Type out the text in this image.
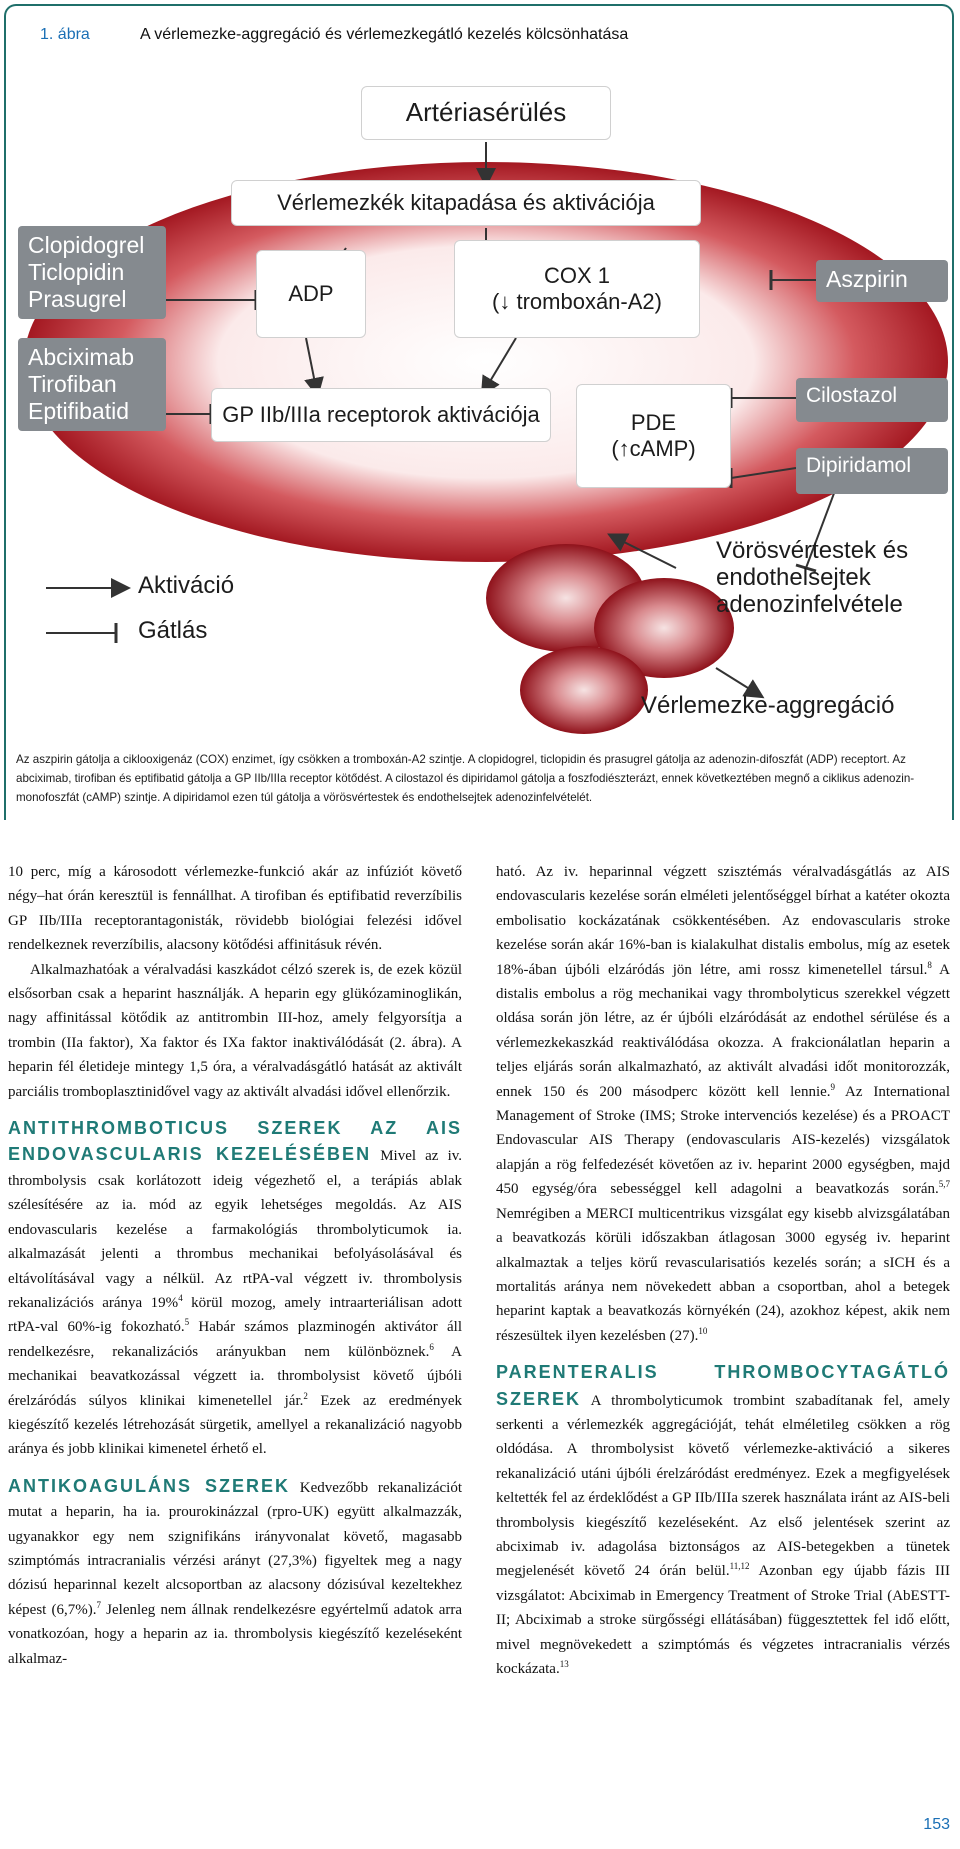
1. ábra	A vérlemezke-aggregáció és vérlemezkegátló kezelés kölcsönhatása
Artériasérülés
Vérlemezkék kitapadása és aktivációja
Clopidogrel
Ticlopidin
Prasugrel
Abciximab
Tirofiban
Eptifibatid
ADP
COX 1
(↓ tromboxán-A2)
Aszpirin
GP IIb/IIIa receptorok aktivációja	PDE
(↑cAMP)
Cilostazol
Dipiridamol
Aktiváció
Gátlás
Vörösvértestek és
endothelsejtek
adenozinfelvétele
Vérlemezke-aggregáció
Az aszpirin gátolja a ciklooxigenáz (COX) enzimet, így csökken a tromboxán-A2 szintje. A clopidogrel, ticlopidin és prasugrel gátolja az adenozin-difoszfát (ADP) receptort. Az abciximab, tirofiban és eptifibatid gátolja a GP IIb/IIIa receptor kötődést. A cilostazol és dipiridamol gátolja a foszfodiészterázt, ennek következtében megnő a ciklikus adenozin-monofoszfát (cAMP) szintje. A dipiridamol ezen túl gátolja a vörösvértestek és endothelsejtek adenozinfelvételét.

10 perc, míg a károsodott vérlemezke-funkció akár az infúziót követő négy–hat órán keresztül is fennállhat. A tirofiban és eptifibatid reverzíbilis GP IIb/IIIa receptorantagonisták, rövidebb biológiai felezési idővel rendelkeznek reverzíbilis, alacsony kötődési affinitásuk révén.

Alkalmazhatóak a véralvadási kaszkádot célzó szerek is, de ezek közül elsősorban csak a heparint használják. A heparin egy glükózaminoglikán, nagy affinitással kötődik az antitrombin III-hoz, amely felgyorsítja a trombin (IIa faktor), Xa faktor és IXa faktor inaktiválódását (2. ábra). A heparin fél életideje mintegy 1,5 óra, a véralvadásgátló hatását az aktivált parciális tromboplasztinidővel vagy az aktivált alvadási idővel ellenőrzik.

ANTITHROMBOTICUS SZEREK AZ AIS ENDOVASCULARIS KEZELÉSÉBEN Mivel az iv. thrombolysis csak korlátozott ideig végezhető el, a terápiás ablak szélesítésére az ia. mód az egyik lehetséges megoldás. Az AIS endovascularis kezelése a farmakológiás thrombolyticumok ia. alkalmazását jelenti a thrombus mechanikai befolyásolásával és eltávolításával vagy a nélkül. Az rtPA-val végzett iv. thrombolysis rekanalizációs aránya 19%$^4$ körül mozog, amely intraarteriálisan adott rtPA-val 60%-ig fokozható.$^5$ Habár számos plazminogén aktivátor áll rendelkezésre, rekanalizációs arányukban nem különböznek.$^6$ A mechanikai beavatkozással végzett ia. thrombolysist követő újbóli érelzáródás súlyos klinikai kimenetellel jár.$^2$ Ezek az eredmények kiegészítő kezelés létrehozását sürgetik, amellyel a rekanalizáció nagyobb aránya és jobb klinikai kimenetel érhető el.

ANTIKOAGULÁNS SZEREK Kedvezőbb rekanalizációt mutat a heparin, ha ia. prourokinázzal (rpro-UK) együtt alkalmazzák, ugyanakkor egy nem szignifikáns irányvonalat követő, magasabb szimptómás intracranialis vérzési arányt (27,3%) figyeltek meg a nagy dózisú heparinnal kezelt alcsoportban az alacsony dózisúval kezeltekhez képest (6,7%).$^7$ Jelenleg nem állnak rendelkezésre egyértelmű adatok arra vonatkozóan, hogy a heparin az ia. thrombolysis kiegészítő kezeléseként alkalmaz-

ható. Az iv. heparinnal végzett szisztémás véralvadásgátlás az AIS endovascularis kezelése során elméleti jelentőséggel bírhat a katéter okozta embolisatio kockázatának csökkentésében. Az endovascularis stroke kezelése során akár 16%-ban is kialakulhat distalis embolus, míg az esetek 18%-ában újbóli elzáródás jön létre, ami rossz kimenetellel társul.$^8$ A distalis embolus a rög mechanikai vagy thrombolyticus szerekkel végzett oldása során jön létre, az ér újbóli elzáródását az endothel sérülése és a vérlemezkekaszkád reaktiválódása okozza. A frakcionálatlan heparin a teljes eljárás során alkalmazható, az aktivált alvadási időt monitorozzák, ennek 150 és 200 másodperc között kell lennie.$^9$ Az International Management of Stroke (IMS; Stroke intervenciós kezelése) és a PROACT Endovascular AIS Therapy (endovascularis AIS-kezelés) vizsgálatok alapján a rög felfedezését követően az iv. heparint 2000 egységben, majd 450 egység/óra sebességgel kell adagolni a beavatkozás során.$^{5,7}$ Nemrégiben a MERCI multicentrikus vizsgálat egy kisebb alvizsgálatában a beavatkozás körüli időszakban átlagosan 3000 egység iv. heparint alkalmaztak a teljes körű revascularisatiós kezelés során; a sICH és a mortalitás aránya nem növekedett abban a csoportban, ahol a betegek heparint kaptak a beavatkozás környékén (24), azokhoz képest, akik nem részesültek ilyen kezelésben (27).$^{10}$

PARENTERALIS THROMBOCYTAGÁTLÓ SZEREK A thrombolyticumok trombint szabadítanak fel, amely serkenti a vérlemezkék aggregációját, tehát elméletileg csökken a rög oldódása. A thrombolysist követő vérlemezke-aktiváció a sikeres rekanalizáció utáni újbóli érelzáródást eredményez. Ezek a megfigyelések keltették fel az érdeklődést a GP IIb/IIIa szerek használata iránt az AIS-beli thrombolysis kiegészítő kezeléseként. Az első jelentések szerint az abciximab iv. adagolása biztonságos az AIS-betegekben a tünetek megjelenését követő 24 órán belül.$^{11,12}$ Azonban egy újabb fázis III vizsgálatot: Abciximab in Emergency Treatment of Stroke Trial (AbESTT-II; Abciximab a stroke sürgősségi ellátásában) függesztettek fel idő előtt, mivel megnövekedett a szimptómás és végzetes intracranialis vérzés kockázata.$^{13}$

153
